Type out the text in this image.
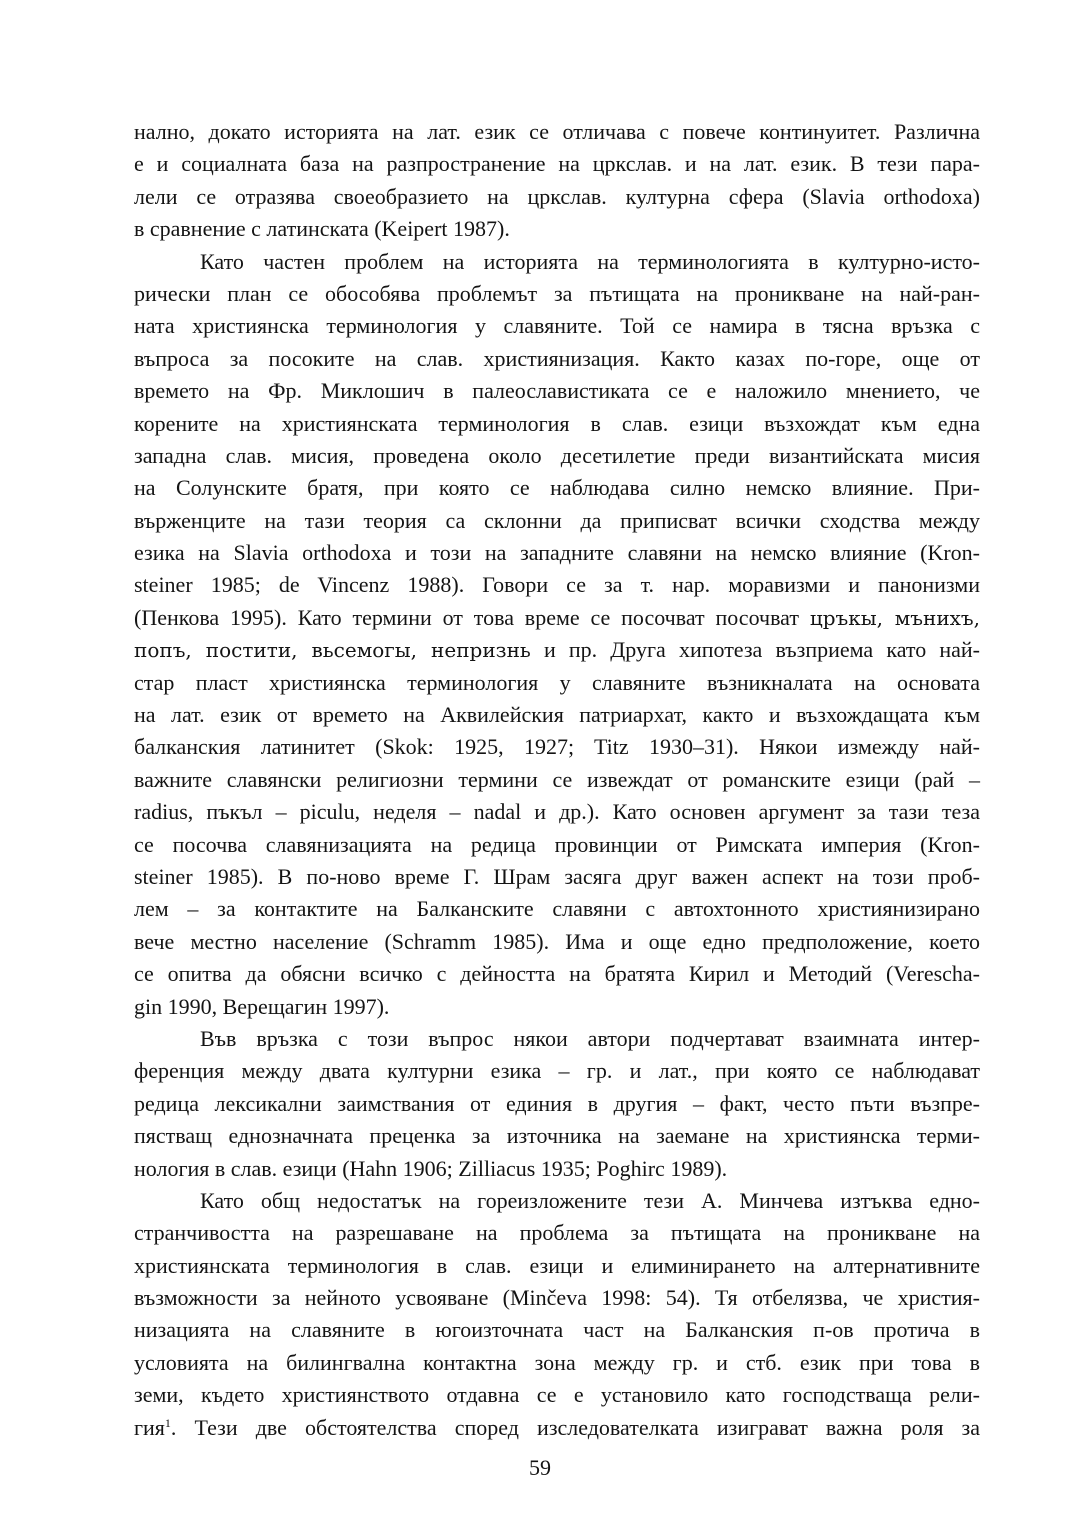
нално, докато историята на лат. език се отличава с повече континуитет. Различна
е и социалната база на разпространение на цркслав. и на лат. език. В тези пара-
лели се отразява своеобразието на цркслав. културна сфера (Slavia orthodoxa)
в сравнение с латинската (Keipert 1987).
Като частен проблем на историята на терминологията в културно-исто-
рически план се обособява проблемът за пътищата на проникване на най-ран-
ната християнска терминология у славяните. Той се намира в тясна връзка с
въпроса за посоките на слав. християнизация. Както казах по-горе, още от
времето на Фр. Миклошич в палеославистиката се е наложило мнението, че
корените на християнската терминология в слав. езици възхождат към една
западна слав. мисия, проведена около десетилетие преди византийската мисия
на Солунските братя, при която се наблюдава силно немско влияние. При-
върженците на тази теория са склонни да приписват всички сходства между
езика на Slavia orthodoxa и този на западните славяни на немско влияние (Kron-
steiner 1985; de Vincenz 1988). Говори се за т. нар. моравизми и панонизми
(Пенкова 1995). Като термини от това време се посочват посочват цръкы, мънихъ,
попъ, постити, вьсемогы, непризнь и пр. Друга хипотеза възприема като най-
стар пласт християнска терминология у славяните възникналата на основата
на лат. език от времето на Аквилейския патриархат, както и възхождащата към
балканския латинитет (Skok: 1925, 1927; Titz 1930–31). Някои измежду най-
важните славянски религиозни термини се извеждат от романските езици (рай –
radius, пъкъл – piculu, неделя – nadal и др.). Като основен аргумент за тази теза
се посочва славянизацията на редица провинции от Римската империя (Kron-
steiner 1985). В по-ново време Г. Шрам засяга друг важен аспект на този проб-
лем – за контактите на Балканските славяни с автохтонното християнизирано
вече местно население (Schramm 1985). Има и още едно предположение, което
се опитва да обясни всичко с дейността на братята Кирил и Методий (Vereschа-
gin 1990, Верещагин 1997).
Във връзка с този въпрос някои автори подчертават взаимната интер-
ференция между двата културни езика – гр. и лат., при която се наблюдават
редица лексикални заимствания от единия в другия – факт, често пъти възпре-
пястващ еднозначната преценка за източника на заемане на християнска терми-
нология в слав. езици (Hahn 1906; Zilliacus 1935; Poghirc 1989).
Като общ недостатък на гореизложените тези А. Минчева изтъква едно-
странчивостта на разрешаване на проблема за пътищата на проникване на
християнската терминология в слав. езици и елиминирането на алтернативните
възможности за нейното усвояване (Minčeva 1998: 54). Тя отбелязва, че христия-
низацията на славяните в югоизточната част на Балканския п-ов протича в
условията на билингвална контактна зона между гр. и стб. език при това в
земи, където християнството отдавна се е установило като господстваща рели-
гия$^1$. Тези две обстоятелства според изследователката изиграват важна роля за
59
